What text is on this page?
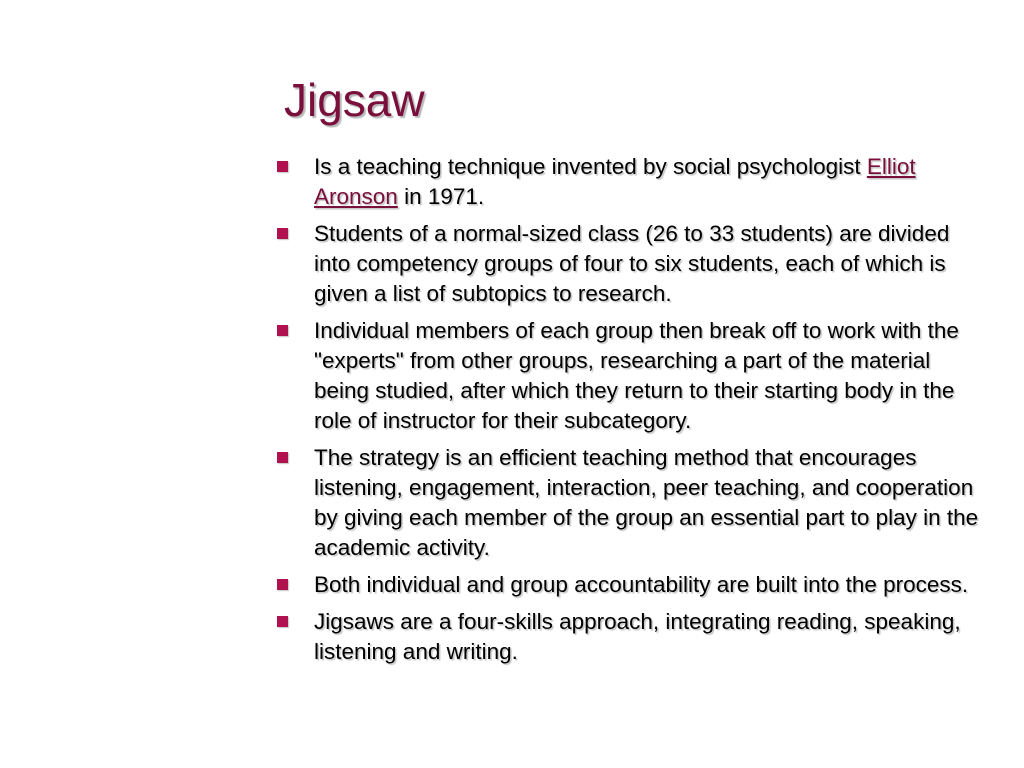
Jigsaw
Is a teaching technique invented by social psychologist Elliot Aronson in 1971.
Students of a normal-sized class (26 to 33 students) are divided into competency groups of four to six students, each of which is given a list of subtopics to research.
Individual members of each group then break off to work with the "experts" from other groups, researching a part of the material being studied, after which they return to their starting body in the role of instructor for their subcategory.
The strategy is an efficient teaching method that encourages listening, engagement, interaction, peer teaching, and cooperation by giving each member of the group an essential part to play in the academic activity.
Both individual and group accountability are built into the process.
Jigsaws are a four-skills approach, integrating reading, speaking, listening and writing.
